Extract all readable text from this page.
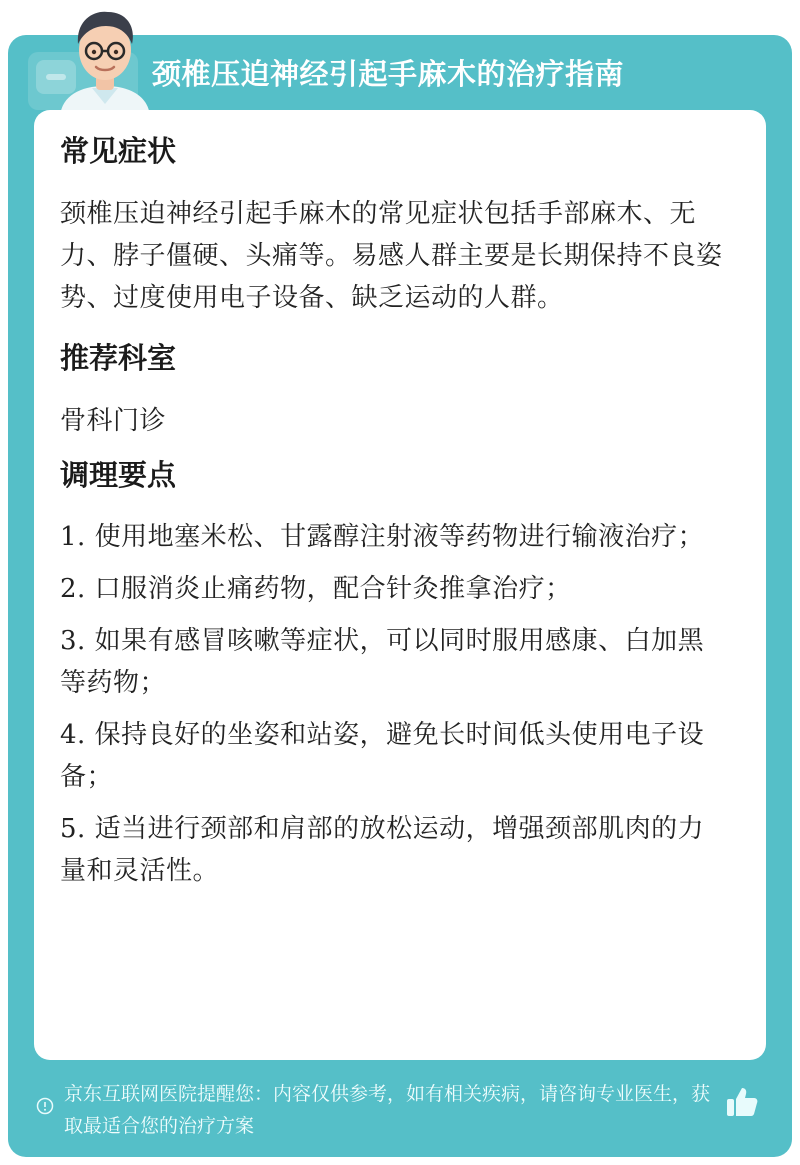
颈椎压迫神经引起手麻木的治疗指南
常见症状
颈椎压迫神经引起手麻木的常见症状包括手部麻木、无力、脖子僵硬、头痛等。易感人群主要是长期保持不良姿势、过度使用电子设备、缺乏运动的人群。
推荐科室
骨科门诊
调理要点
1. 使用地塞米松、甘露醇注射液等药物进行输液治疗；
2. 口服消炎止痛药物，配合针灸推拿治疗；
3. 如果有感冒咳嗽等症状，可以同时服用感康、白加黑等药物；
4. 保持良好的坐姿和站姿，避免长时间低头使用电子设备；
5. 适当进行颈部和肩部的放松运动，增强颈部肌肉的力量和灵活性。
京东互联网医院提醒您：内容仅供参考，如有相关疾病，请咨询专业医生，获取最适合您的治疗方案
